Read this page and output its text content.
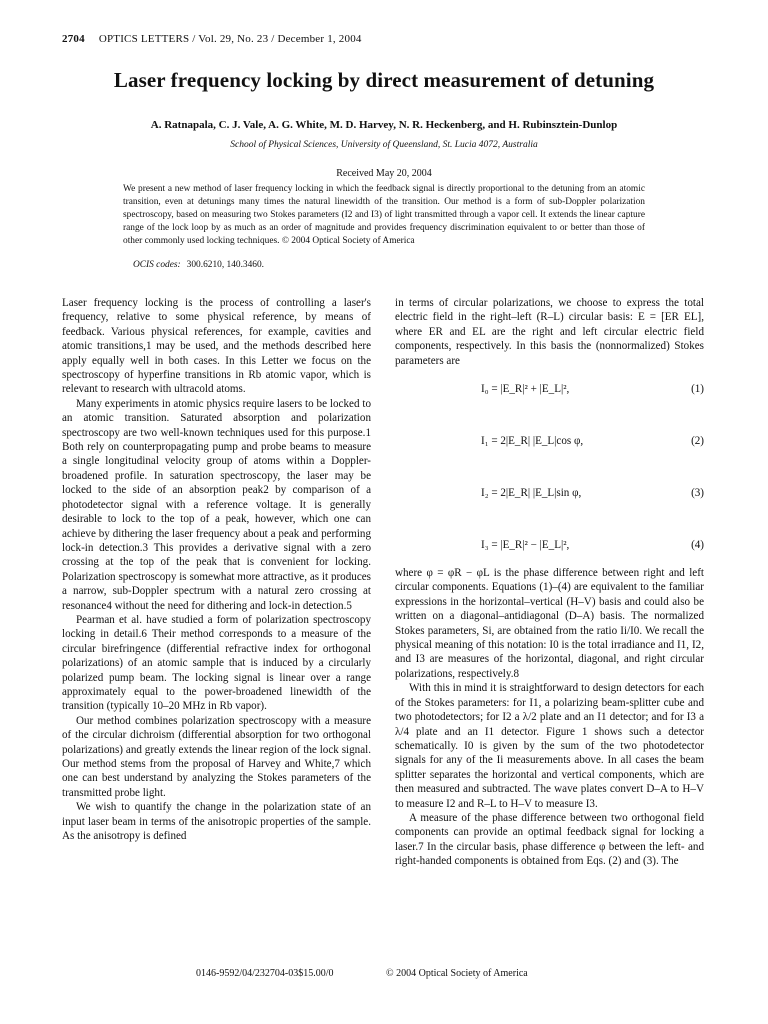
2704 OPTICS LETTERS / Vol. 29, No. 23 / December 1, 2004
Laser frequency locking by direct measurement of detuning
A. Ratnapala, C. J. Vale, A. G. White, M. D. Harvey, N. R. Heckenberg, and H. Rubinsztein-Dunlop
School of Physical Sciences, University of Queensland, St. Lucia 4072, Australia
Received May 20, 2004
We present a new method of laser frequency locking in which the feedback signal is directly proportional to the detuning from an atomic transition, even at detunings many times the natural linewidth of the transition. Our method is a form of sub-Doppler polarization spectroscopy, based on measuring two Stokes parameters (I2 and I3) of light transmitted through a vapor cell. It extends the linear capture range of the lock loop by as much as an order of magnitude and provides frequency discrimination equivalent to or better than those of other commonly used locking techniques. © 2004 Optical Society of America
OCIS codes: 300.6210, 140.3460.

Laser frequency locking is the process of controlling a laser's frequency, relative to some physical reference, by means of feedback. Various physical references, for example, cavities and atomic transitions,1 may be used, and the methods described here apply equally well in both cases. In this Letter we focus on the spectroscopy of hyperfine transitions in Rb atomic vapor, which is relevant to research with ultracold atoms.

Many experiments in atomic physics require lasers to be locked to an atomic transition. Saturated absorption and polarization spectroscopy are two well-known techniques used for this purpose.1 Both rely on counterpropagating pump and probe beams to measure a single longitudinal velocity group of atoms within a Doppler-broadened profile. In saturation spectroscopy, the laser may be locked to the side of an absorption peak2 by comparison of a photodetector signal with a reference voltage. It is generally desirable to lock to the top of a peak, however, which one can achieve by dithering the laser frequency about a peak and performing lock-in detection.3 This provides a derivative signal with a zero crossing at the top of the peak that is convenient for locking. Polarization spectroscopy is somewhat more attractive, as it produces a narrow, sub-Doppler spectrum with a natural zero crossing at resonance4 without the need for dithering and lock-in detection.5

Pearman et al. have studied a form of polarization spectroscopy locking in detail.6 Their method corresponds to a measure of the circular birefringence (differential refractive index for orthogonal polarizations) of an atomic sample that is induced by a circularly polarized pump beam. The locking signal is linear over a range approximately equal to the power-broadened linewidth of the transition (typically 10–20 MHz in Rb vapor).

Our method combines polarization spectroscopy with a measure of the circular dichroism (differential absorption for two orthogonal polarizations) and greatly extends the linear region of the lock signal. Our method stems from the proposal of Harvey and White,7 which one can best understand by analyzing the Stokes parameters of the transmitted probe light.

We wish to quantify the change in the polarization state of an input laser beam in terms of the anisotropic properties of the sample. As the anisotropy is defined

in terms of circular polarizations, we choose to express the total electric field in the right–left (R–L) circular basis: E = [ER EL], where ER and EL are the right and left circular electric field components, respectively. In this basis the (nonnormalized) Stokes parameters are

I₀ = |E_R|² + |E_L|²,	(1)
I₁ = 2|E_R| |E_L|cos φ,	(2)
I₂ = 2|E_R| |E_L|sin φ,	(3)
I₃ = |E_R|² − |E_L|²,	(4)

where φ = φR − φL is the phase difference between right and left circular components. Equations (1)–(4) are equivalent to the familiar expressions in the horizontal–vertical (H–V) basis and could also be written on a diagonal–antidiagonal (D–A) basis. The normalized Stokes parameters, Si, are obtained from the ratio Ii/I0. We recall the physical meaning of this notation: I0 is the total irradiance and I1, I2, and I3 are measures of the horizontal, diagonal, and right circular polarizations, respectively.8

With this in mind it is straightforward to design detectors for each of the Stokes parameters: for I1, a polarizing beam-splitter cube and two photodetectors; for I2 a λ/2 plate and an I1 detector; and for I3 a λ/4 plate and an I1 detector. Figure 1 shows such a detector schematically. I0 is given by the sum of the two photodetector signals for any of the Ii measurements above. In all cases the beam splitter separates the horizontal and vertical components, which are then measured and subtracted. The wave plates convert D–A to H–V to measure I2 and R–L to H–V to measure I3.

A measure of the phase difference between two orthogonal field components can provide an optimal feedback signal for locking a laser.7 In the circular basis, phase difference φ between the left- and right-handed components is obtained from Eqs. (2) and (3). The

0146-9592/04/232704-03$15.00/0	© 2004 Optical Society of America
